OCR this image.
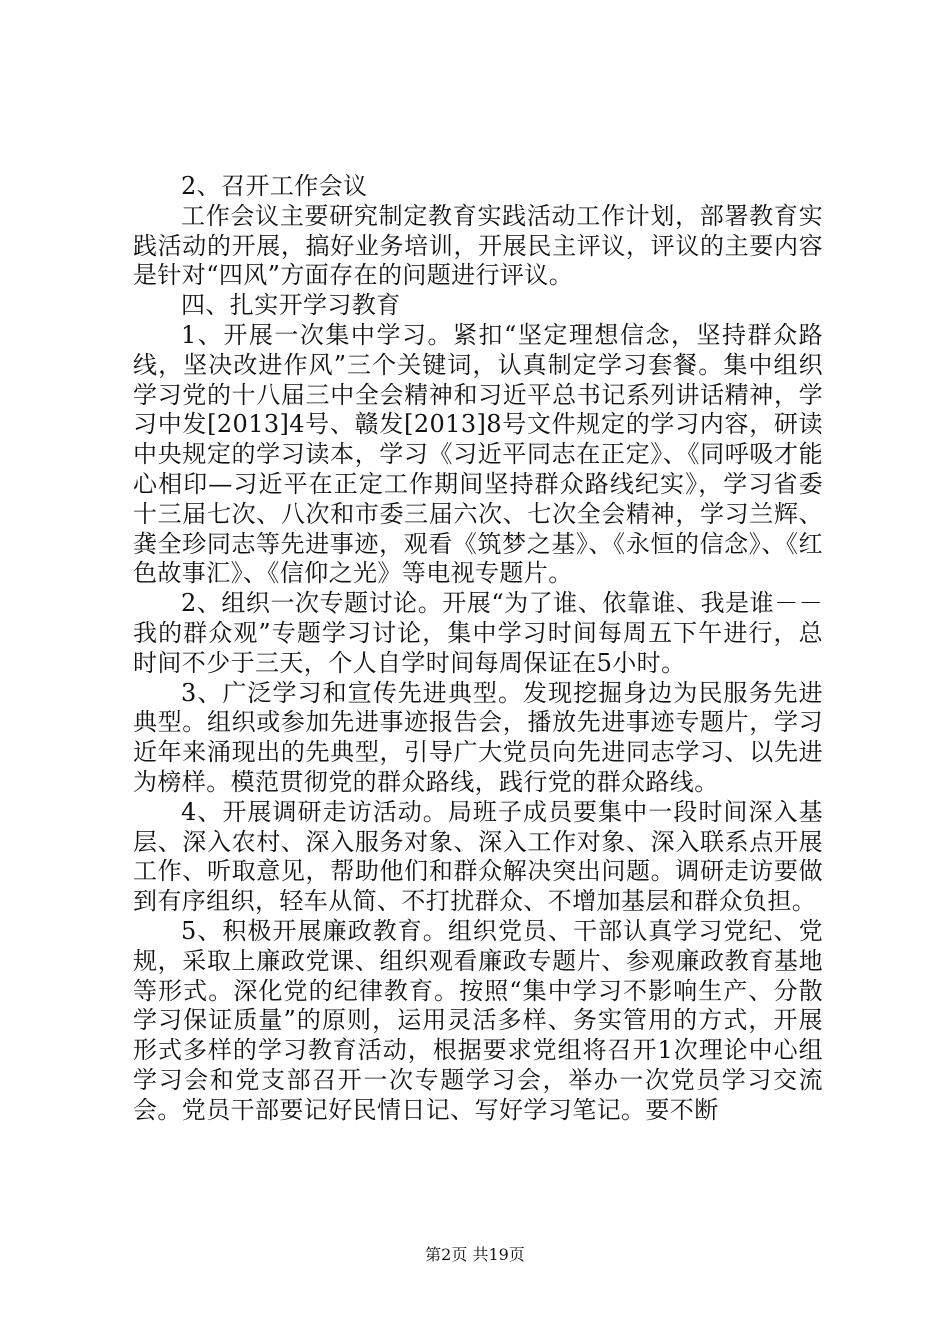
2、召开工作会议

工作会议主要研究制定教育实践活动工作计划，部署教育实践活动的开展，搞好业务培训，开展民主评议，评议的主要内容是针对“四风”方面存在的问题进行评议。

四、扎实开学习教育

1、开展一次集中学习。紧扣“坚定理想信念，坚持群众路线，坚决改进作风”三个关键词，认真制定学习套餐。集中组织学习党的十八届三中全会精神和习近平总书记系列讲话精神，学习中发[2013]4号、赣发[2013]8号文件规定的学习内容，研读中央规定的学习读本，学习《习近平同志在正定》、《同呼吸才能心相印—习近平在正定工作期间坚持群众路线纪实》，学习省委十三届七次、八次和市委三届六次、七次全会精神，学习兰辉、龚全珍同志等先进事迹，观看《筑梦之基》、《永恒的信念》、《红色故事汇》、《信仰之光》等电视专题片。

2、组织一次专题讨论。开展“为了谁、依靠谁、我是谁－－我的群众观”专题学习讨论，集中学习时间每周五下午进行，总时间不少于三天，个人自学时间每周保证在5小时。

3、广泛学习和宣传先进典型。发现挖掘身边为民服务先进典型。组织或参加先进事迹报告会，播放先进事迹专题片，学习近年来涌现出的先典型，引导广大党员向先进同志学习、以先进为榜样。模范贯彻党的群众路线，践行党的群众路线。

4、开展调研走访活动。局班子成员要集中一段时间深入基层、深入农村、深入服务对象、深入工作对象、深入联系点开展工作、听取意见，帮助他们和群众解决突出问题。调研走访要做到有序组织，轻车从简、不打扰群众、不增加基层和群众负担。

5、积极开展廉政教育。组织党员、干部认真学习党纪、党规，采取上廉政党课、组织观看廉政专题片、参观廉政教育基地等形式。深化党的纪律教育。按照“集中学习不影响生产、分散学习保证质量”的原则，运用灵活多样、务实管用的方式，开展形式多样的学习教育活动，根据要求党组将召开1次理论中心组学习会和党支部召开一次专题学习会，举办一次党员学习交流会。党员干部要记好民情日记、写好学习笔记。要不断

第2页 共19页
